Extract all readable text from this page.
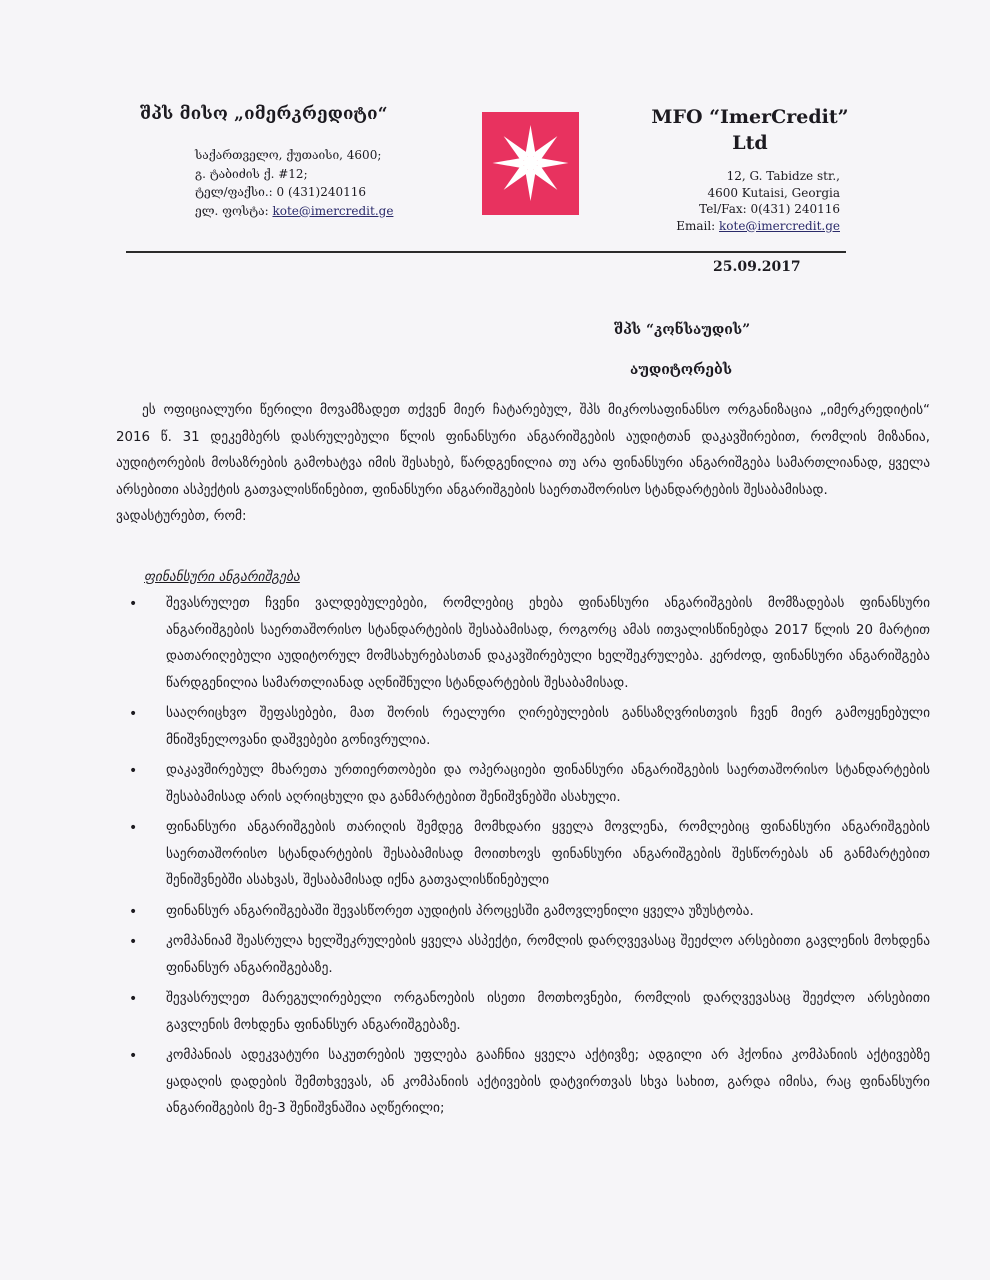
შპს მისო „იმერკრედიტი“
საქართველო, ქუთაისი, 4600;
გ. ტაბიძის ქ. #12;
ტელ/ფაქსი.: 0 (431)240116
ელ. ფოსტა: kote@imercredit.ge
MFO “ImerCredit”
Ltd
12, G. Tabidze str.,
4600 Kutaisi, Georgia
Tel/Fax: 0(431) 240116
Email: kote@imercredit.ge
25.09.2017
შპს “კონსაუდის”
აუდიტორებს

ეს ოფიციალური წერილი მოვამზადეთ თქვენ მიერ ჩატარებულ, შპს მიკროსაფინანსო ორგანიზაცია „იმერკრედიტის“ 2016 წ. 31 დეკემბერს დასრულებული წლის ფინანსური ანგარიშგების აუდიტთან დაკავშირებით, რომლის მიზანია, აუდიტორების მოსაზრების გამოხატვა იმის შესახებ, წარდგენილია თუ არა ფინანსური ანგარიშგება სამართლიანად, ყველა არსებითი ასპექტის გათვალისწინებით, ფინანსური ანგარიშგების საერთაშორისო სტანდარტების შესაბამისად.

ვადასტურებთ, რომ:

ფინანსური ანგარიშგება
• შევასრულეთ ჩვენი ვალდებულებები, რომლებიც ეხება ფინანსური ანგარიშგების მომზადებას ფინანსური ანგარიშგების საერთაშორისო სტანდარტების შესაბამისად, როგორც ამას ითვალისწინებდა 2017 წლის 20 მარტით დათარიღებული აუდიტორულ მომსახურებასთან დაკავშირებული ხელშეკრულება. კერძოდ, ფინანსური ანგარიშგება წარდგენილია სამართლიანად აღნიშნული სტანდარტების შესაბამისად.
• სააღრიცხვო შეფასებები, მათ შორის რეალური ღირებულების განსაზღვრისთვის ჩვენ მიერ გამოყენებული მნიშვნელოვანი დაშვებები გონივრულია.
• დაკავშირებულ მხარეთა ურთიერთობები და ოპერაციები ფინანსური ანგარიშგების საერთაშორისო სტანდარტების შესაბამისად არის აღრიცხული და განმარტებით შენიშვნებში ასახული.
• ფინანსური ანგარიშგების თარიღის შემდეგ მომხდარი ყველა მოვლენა, რომლებიც ფინანსური ანგარიშგების საერთაშორისო სტანდარტების შესაბამისად მოითხოვს ფინანსური ანგარიშგების შესწორებას ან განმარტებით შენიშვნებში ასახვას, შესაბამისად იქნა გათვალისწინებული
• ფინანსურ ანგარიშგებაში შევასწორეთ აუდიტის პროცესში გამოვლენილი ყველა უზუსტობა.
• კომპანიამ შეასრულა ხელშეკრულების ყველა ასპექტი, რომლის დარღვევასაც შეეძლო არსებითი გავლენის მოხდენა ფინანსურ ანგარიშგებაზე.
• შევასრულეთ მარეგულირებელი ორგანოების ისეთი მოთხოვნები, რომლის დარღვევასაც შეეძლო არსებითი გავლენის მოხდენა ფინანსურ ანგარიშგებაზე.
• კომპანიას ადეკვატური საკუთრების უფლება გააჩნია ყველა აქტივზე; ადგილი არ ჰქონია კომპანიის აქტივებზე ყადაღის დადების შემთხვევას, ან კომპანიის აქტივების დატვირთვას სხვა სახით, გარდა იმისა, რაც ფინანსური ანგარიშგების მე-3 შენიშვნაშია აღწერილი;
